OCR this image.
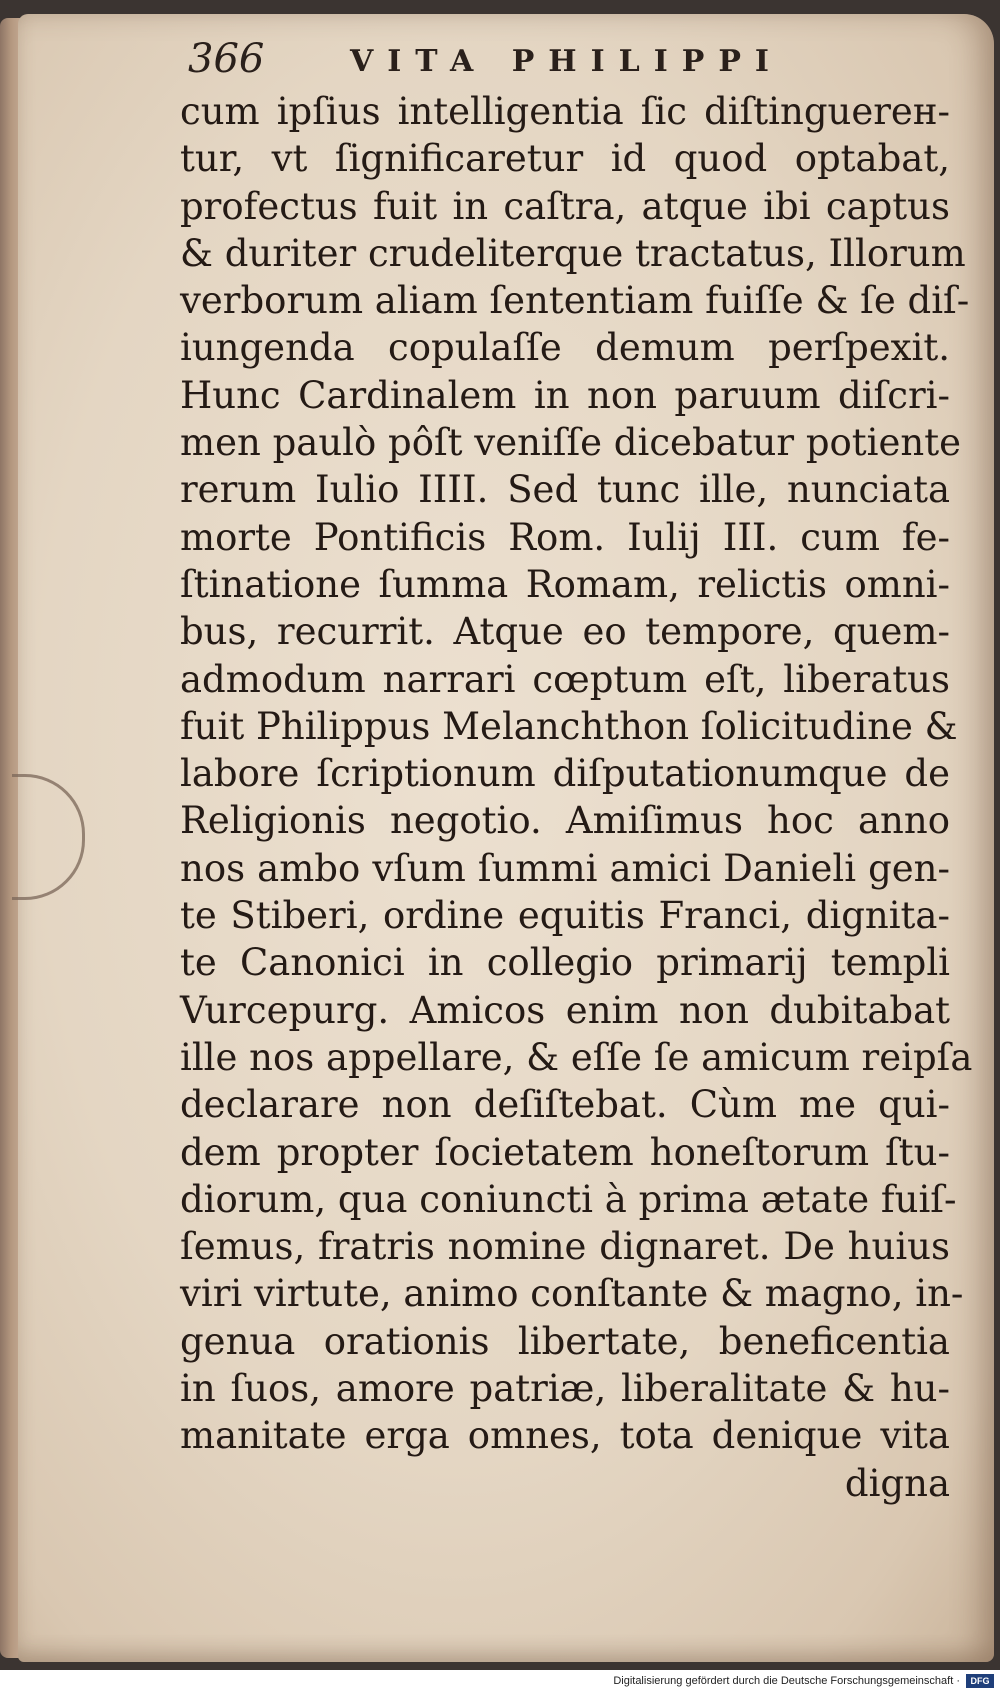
366	VITA PHILIPPI
cum ipſius intelligentia ſic diſtinguerен-
tur, vt ſignificaretur id quod optabat,
profectus fuit in caſtra, atque ibi captus
& duriter crudeliterque tractatus, Illorum
verborum aliam ſententiam fuiſſe & ſe diſ-
iungenda copulaſſe demum perſpexit.
Hunc Cardinalem in non paruum diſcri-
men paulò pôſt veniſſe dicebatur potiente
rerum Iulio IIII. Sed tunc ille, nunciata
morte Pontificis Rom. Iulij III. cum fe-
ſtinatione ſumma Romam, relictis omni-
bus, recurrit. Atque eo tempore, quem-
admodum narrari cœptum eſt, liberatus
fuit Philippus Melanchthon ſolicitudine &
labore ſcriptionum diſputationumque de
Religionis negotio. Amiſimus hoc anno
nos ambo vſum ſummi amici Danieli gen-
te Stiberi, ordine equitis Franci, dignita-
te Canonici in collegio primarij templi
Vurcepurg. Amicos enim non dubitabat
ille nos appellare, & eſſe ſe amicum reipſa
declarare non deſiſtebat. Cùm me qui-
dem propter ſocietatem honeſtorum ſtu-
diorum, qua coniuncti à prima ætate fuiſ-
ſemus, fratris nomine dignaret. De huius
viri virtute, animo conſtante & magno, in-
genua orationis libertate, beneficentia
in ſuos, amore patriæ, liberalitate & hu-
manitate erga omnes, tota denique vita
digna
Digitalisierung gefördert durch die Deutsche Forschungsgemeinschaft ·	DFG
